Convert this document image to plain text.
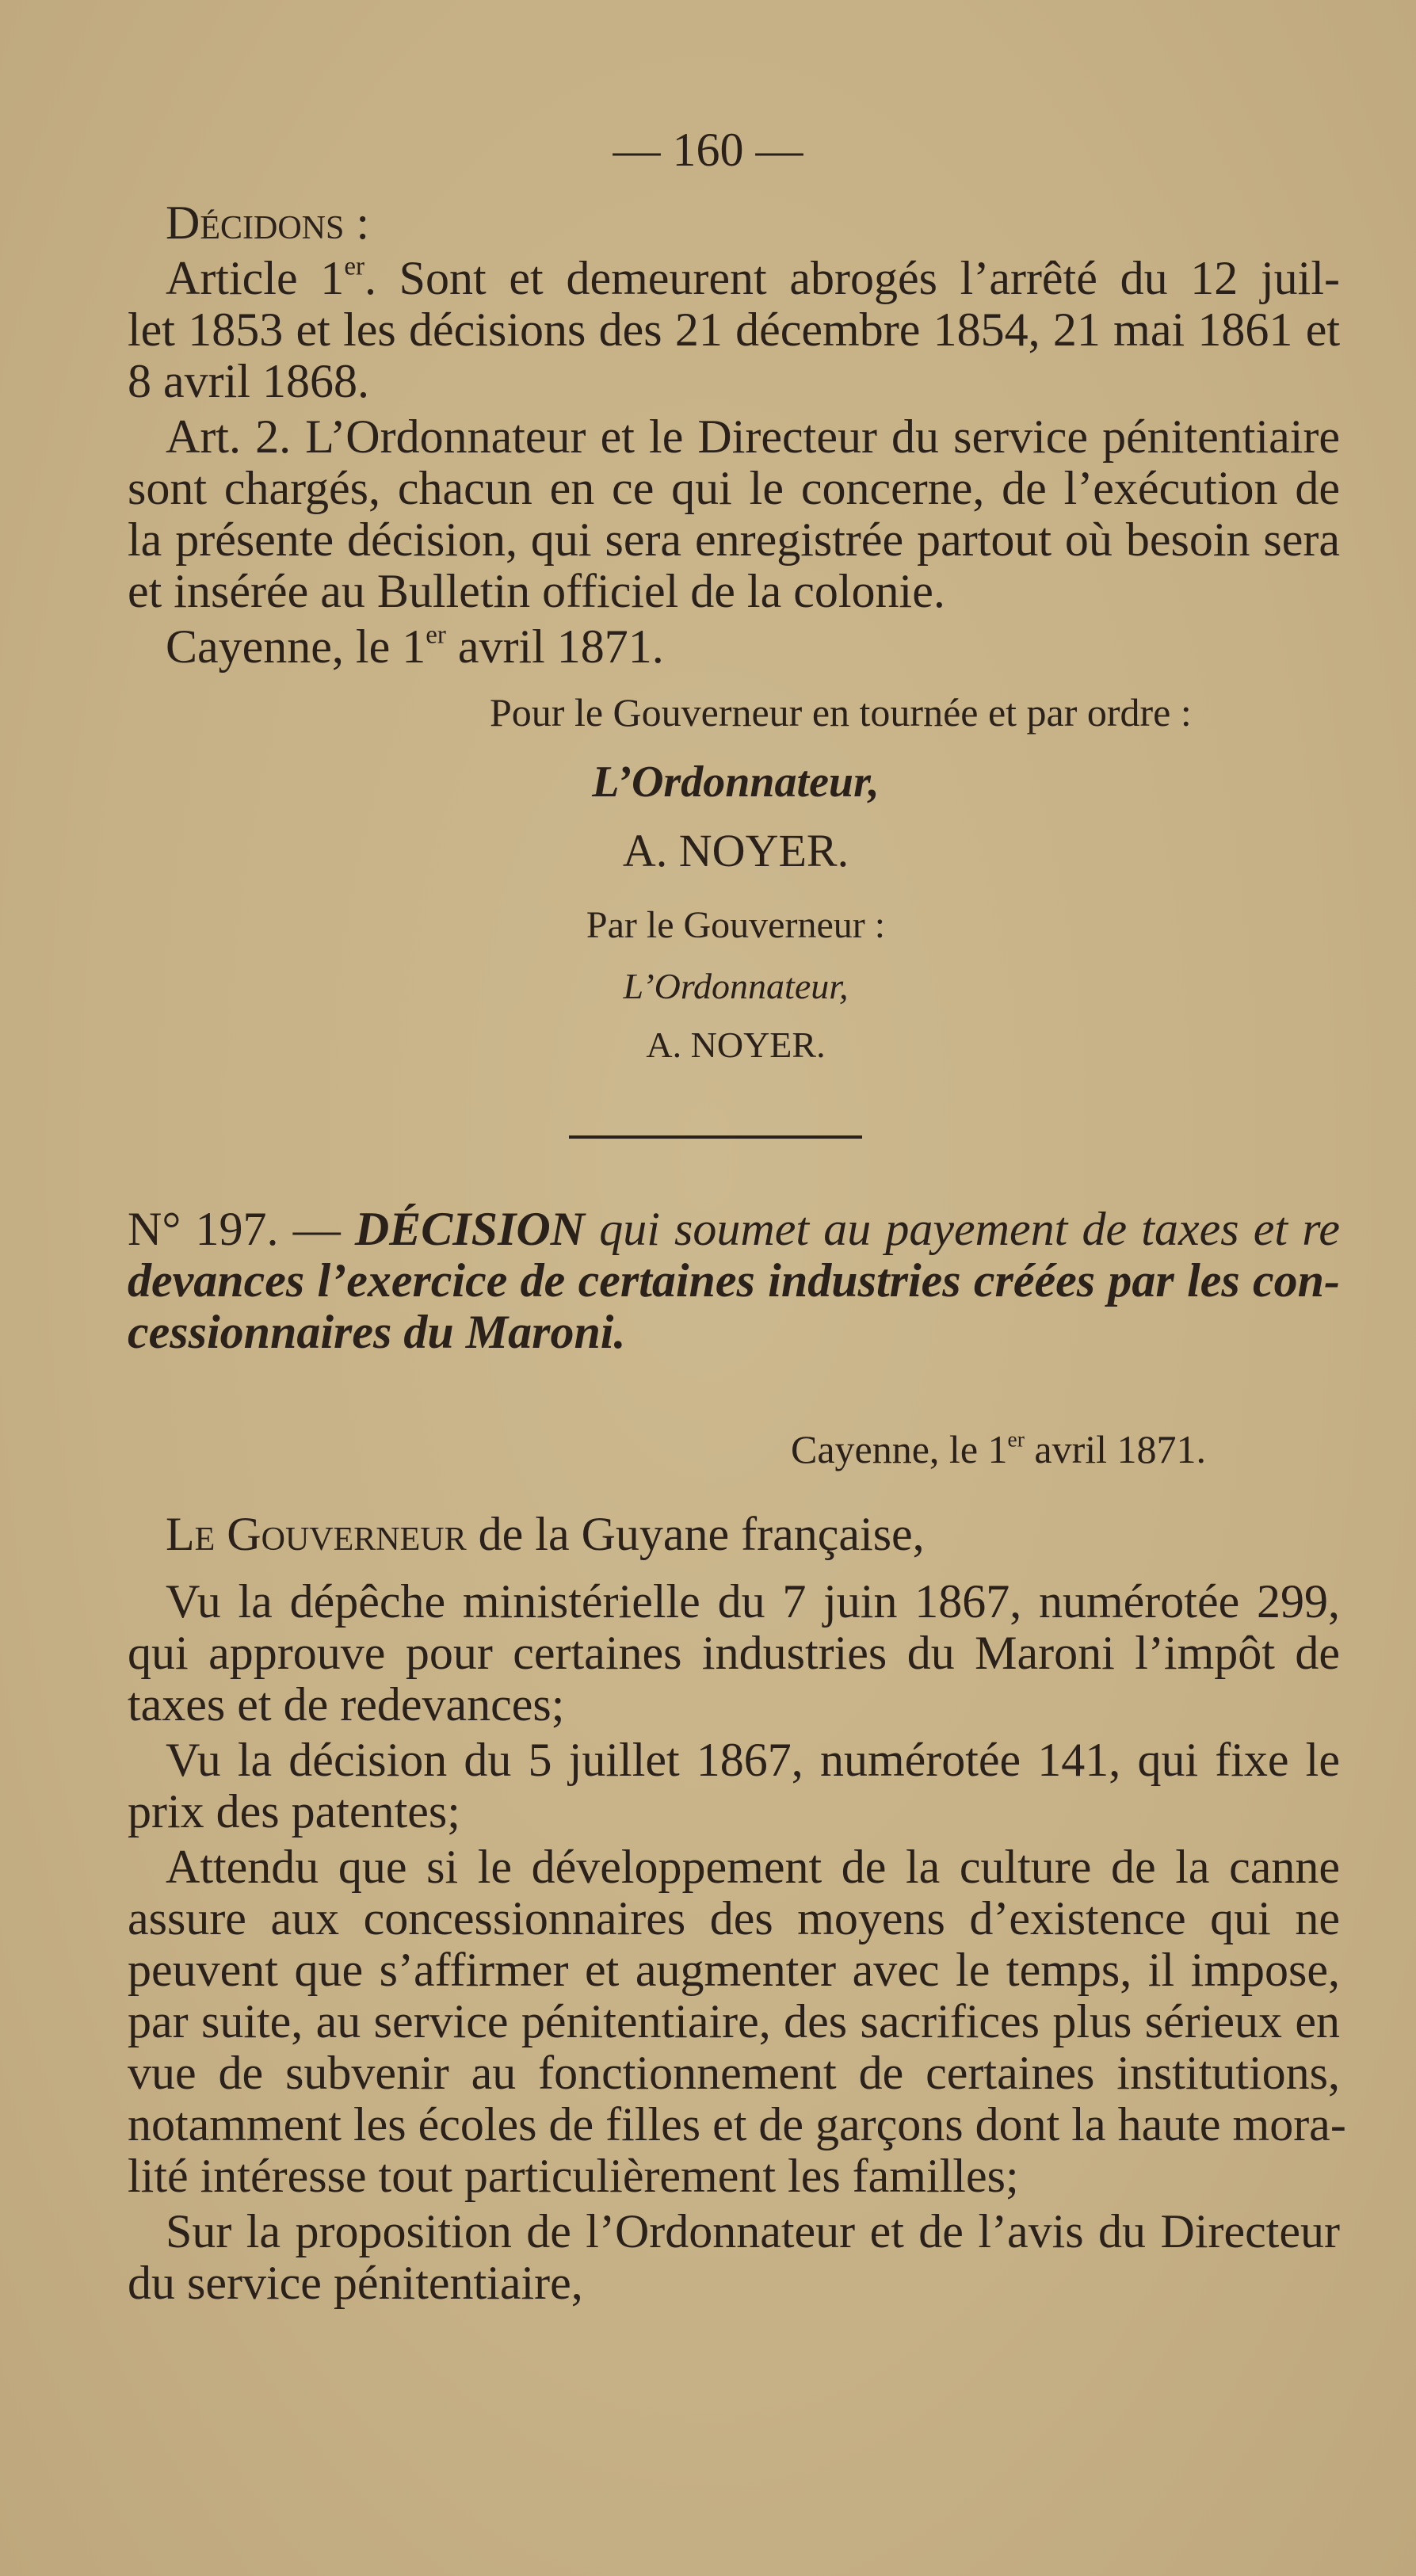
— 160 —
Décidons :
Article 1er. Sont et demeurent abrogés l’arrêté du 12 juil-
let 1853 et les décisions des 21 décembre 1854, 21 mai 1861 et
8 avril 1868.
Art. 2. L’Ordonnateur et le Directeur du service pénitentiaire
sont chargés, chacun en ce qui le concerne, de l’exécution de
la présente décision, qui sera enregistrée partout où besoin sera
et insérée au Bulletin officiel de la colonie.
Cayenne, le 1er avril 1871.
Pour le Gouverneur en tournée et par ordre :
L’Ordonnateur,
A. NOYER.
Par le Gouverneur :
L’Ordonnateur,
A. NOYER.
N° 197. — DÉCISION qui soumet au payement de taxes et re
devances l’exercice de certaines industries créées par les con-
cessionnaires du Maroni.
Cayenne, le 1er avril 1871.
Le Gouverneur de la Guyane française,
Vu la dépêche ministérielle du 7 juin 1867, numérotée 299,
qui approuve pour certaines industries du Maroni l’impôt de
taxes et de redevances;
Vu la décision du 5 juillet 1867, numérotée 141, qui fixe le
prix des patentes;
Attendu que si le développement de la culture de la canne
assure aux concessionnaires des moyens d’existence qui ne
peuvent que s’affirmer et augmenter avec le temps, il impose,
par suite, au service pénitentiaire, des sacrifices plus sérieux en
vue de subvenir au fonctionnement de certaines institutions,
notamment les écoles de filles et de garçons dont la haute mora-
lité intéresse tout particulièrement les familles;
Sur la proposition de l’Ordonnateur et de l’avis du Directeur
du service pénitentiaire,
